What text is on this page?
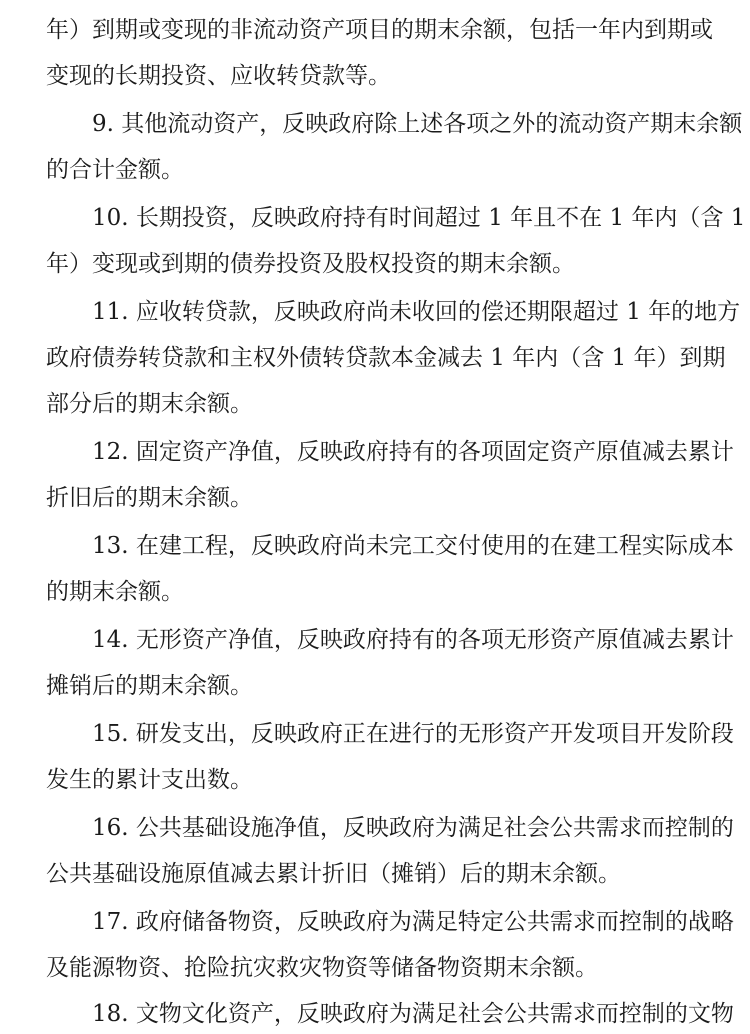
年）到期或变现的非流动资产项目的期末余额，包括一年内到期或
变现的长期投资、应收转贷款等。
9. 其他流动资产，反映政府除上述各项之外的流动资产期末余额
的合计金额。
10. 长期投资，反映政府持有时间超过 1 年且不在 1 年内（含 1
年）变现或到期的债券投资及股权投资的期末余额。
11. 应收转贷款，反映政府尚未收回的偿还期限超过 1 年的地方
政府债券转贷款和主权外债转贷款本金减去 1 年内（含 1 年）到期
部分后的期末余额。
12. 固定资产净值，反映政府持有的各项固定资产原值减去累计
折旧后的期末余额。
13. 在建工程，反映政府尚未完工交付使用的在建工程实际成本
的期末余额。
14. 无形资产净值，反映政府持有的各项无形资产原值减去累计
摊销后的期末余额。
15. 研发支出，反映政府正在进行的无形资产开发项目开发阶段
发生的累计支出数。
16. 公共基础设施净值，反映政府为满足社会公共需求而控制的
公共基础设施原值减去累计折旧（摊销）后的期末余额。
17. 政府储备物资，反映政府为满足特定公共需求而控制的战略
及能源物资、抢险抗灾救灾物资等储备物资期末余额。
18. 文物文化资产，反映政府为满足社会公共需求而控制的文物
